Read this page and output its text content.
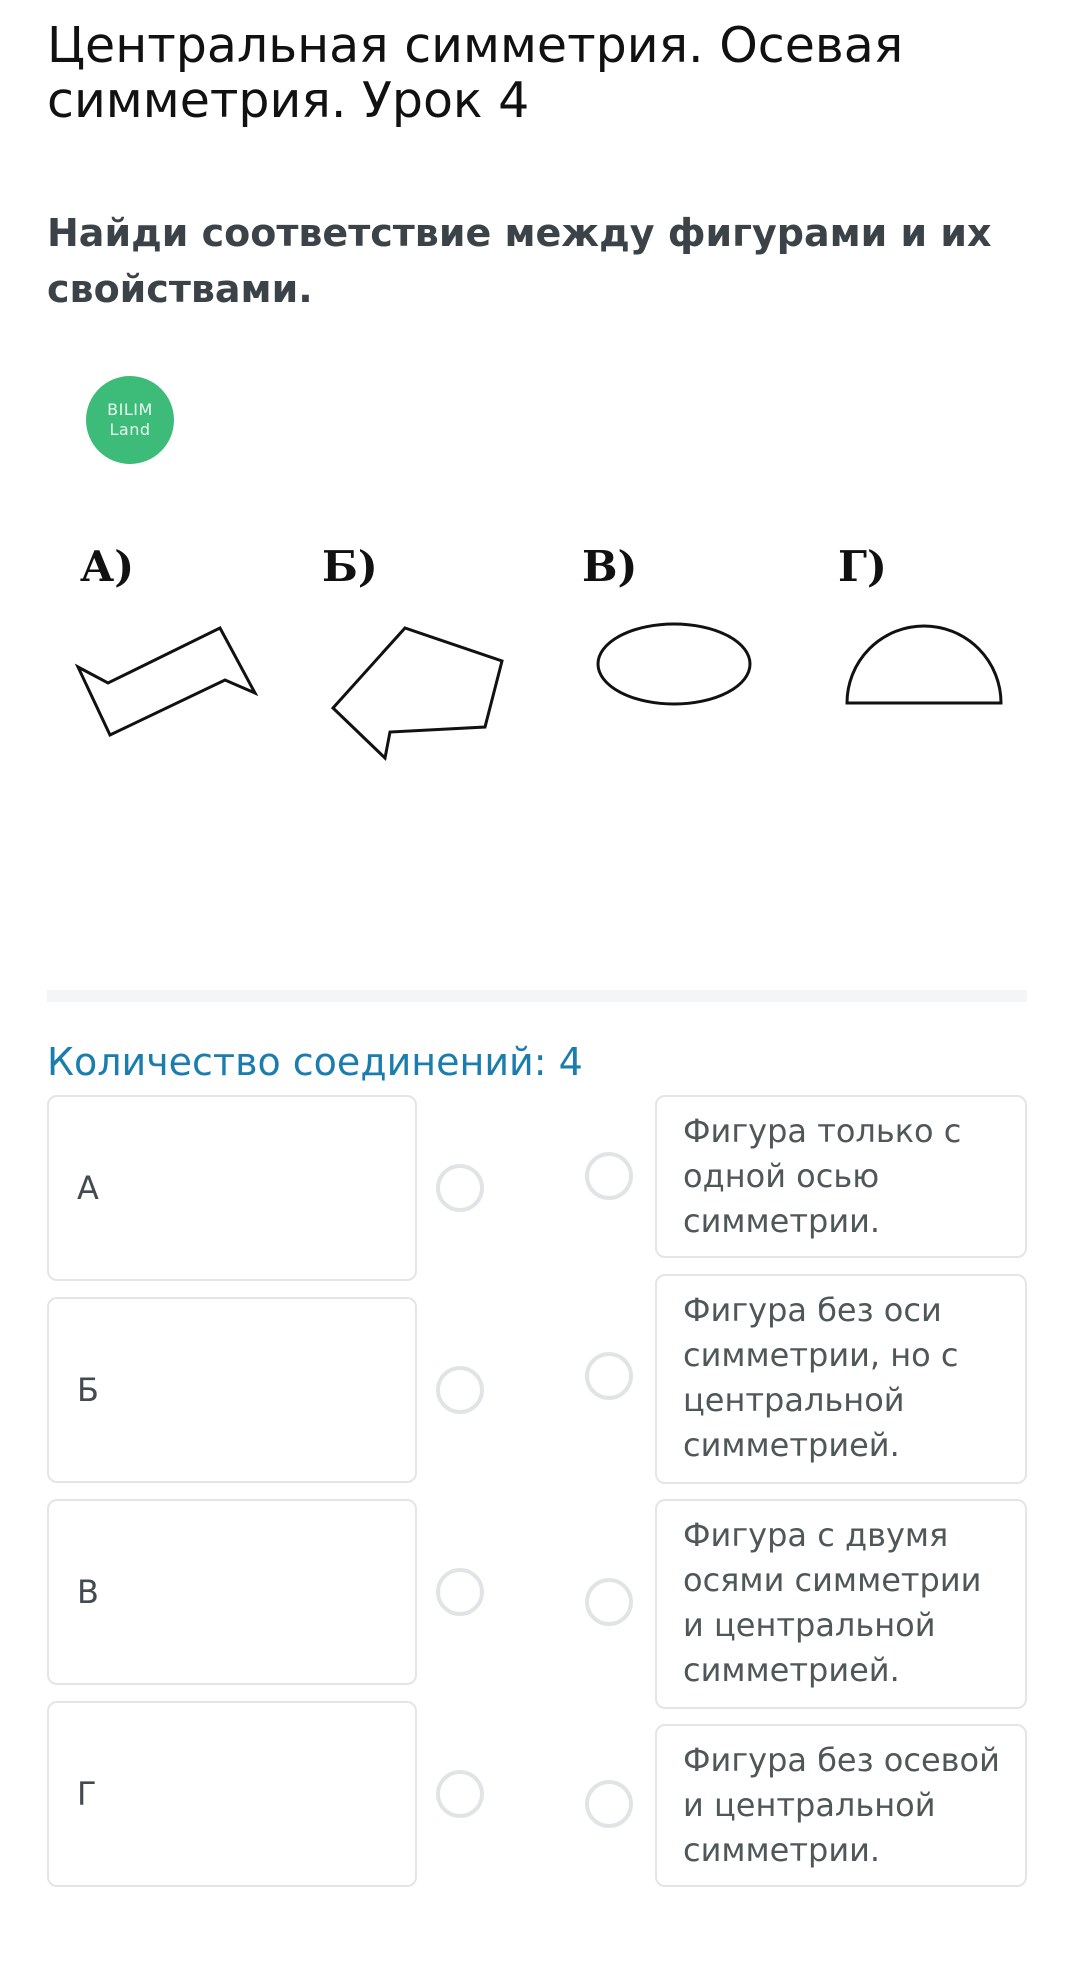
Центральная симметрия. Осевая симметрия. Урок 4
Найди соответствие между фигурами и их свойствами.
BILIM
Land
А)	Б)	В)	Г)
Количество соединений: 4
А
Б
В
Г
Фигура только с одной осью симметрии.
Фигура без оси симметрии, но с центральной симметрией.
Фигура с двумя осями симметрии и центральной симметрией.
Фигура без осевой и центральной симметрии.
